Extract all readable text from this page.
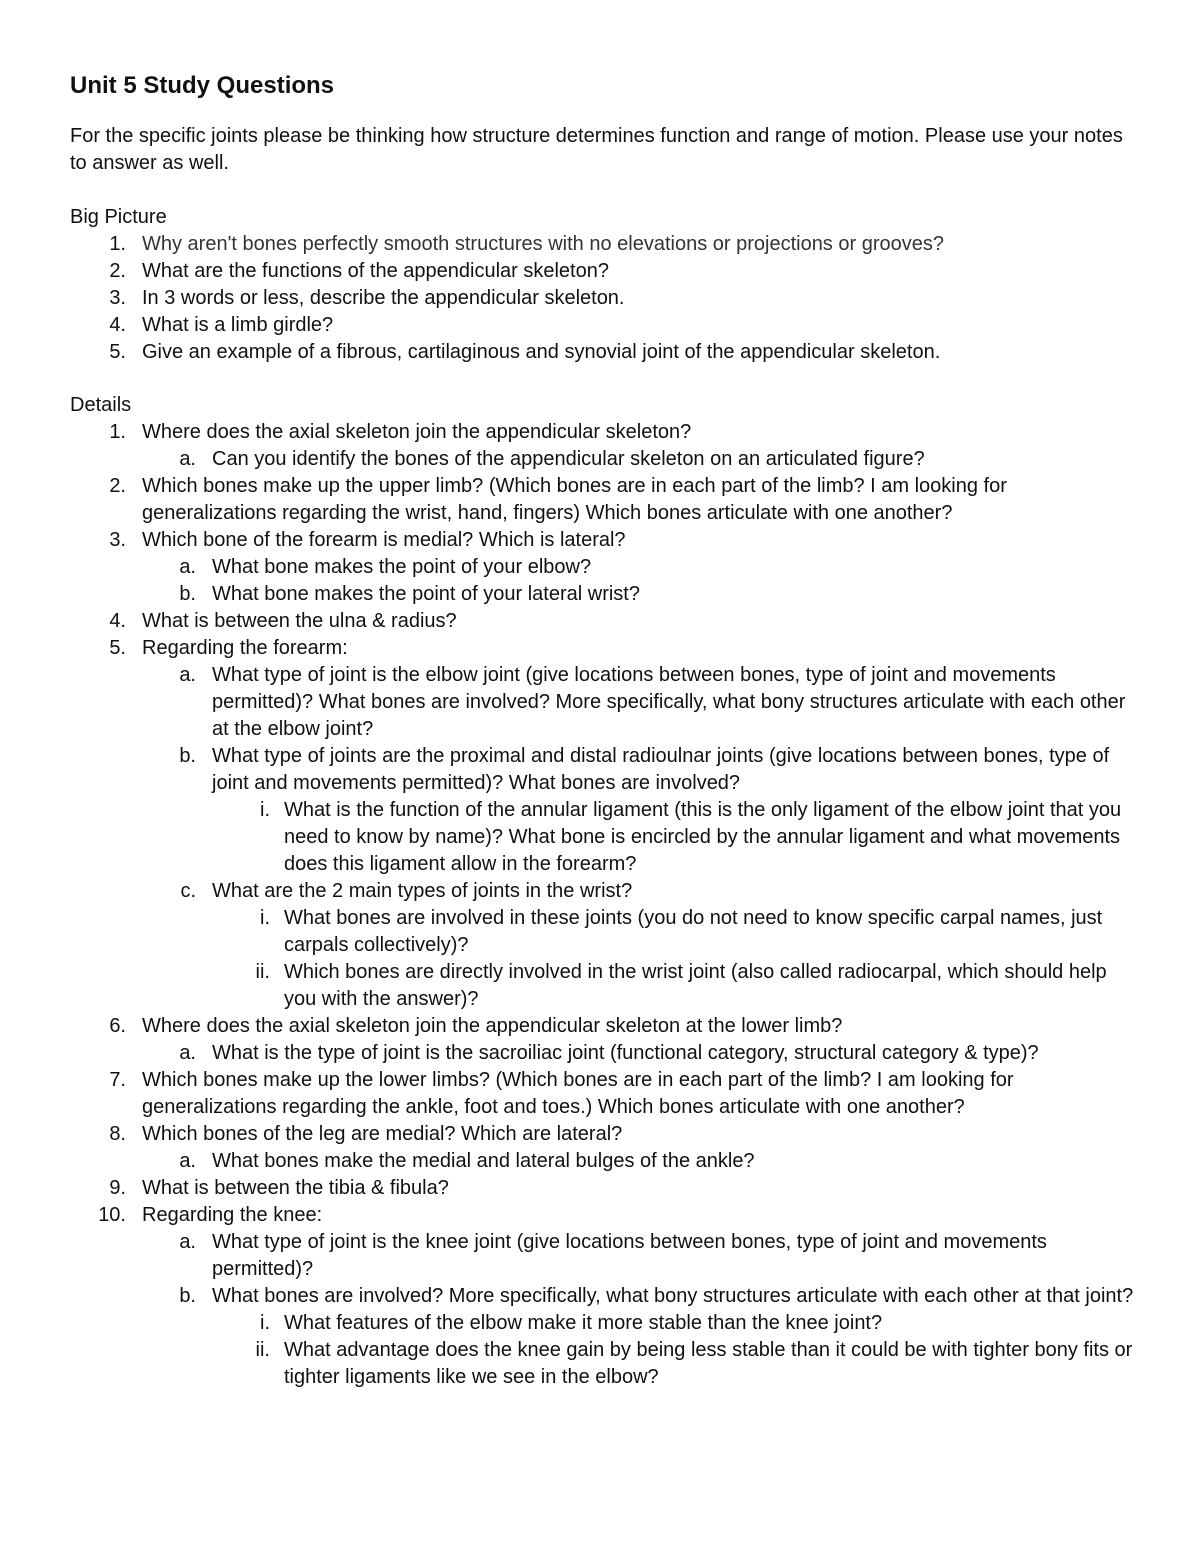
Unit 5 Study Questions

For the specific joints please be thinking how structure determines function and range of motion. Please use your notes to answer as well.

Big Picture
1. Why aren't bones perfectly smooth structures with no elevations or projections or grooves?
2. What are the functions of the appendicular skeleton?
3. In 3 words or less, describe the appendicular skeleton.
4. What is a limb girdle?
5. Give an example of a fibrous, cartilaginous and synovial joint of the appendicular skeleton.
Details
1. Where does the axial skeleton join the appendicular skeleton?
a. Can you identify the bones of the appendicular skeleton on an articulated figure?
2. Which bones make up the upper limb? (Which bones are in each part of the limb? I am looking for generalizations regarding the wrist, hand, fingers) Which bones articulate with one another?
3. Which bone of the forearm is medial? Which is lateral?
a. What bone makes the point of your elbow?
b. What bone makes the point of your lateral wrist?
4. What is between the ulna & radius?
5. Regarding the forearm:
a. What type of joint is the elbow joint (give locations between bones, type of joint and movements permitted)? What bones are involved? More specifically, what bony structures articulate with each other at the elbow joint?
b. What type of joints are the proximal and distal radioulnar joints (give locations between bones, type of joint and movements permitted)? What bones are involved?
i. What is the function of the annular ligament (this is the only ligament of the elbow joint that you need to know by name)? What bone is encircled by the annular ligament and what movements does this ligament allow in the forearm?
c. What are the 2 main types of joints in the wrist?
i. What bones are involved in these joints (you do not need to know specific carpal names, just carpals collectively)?
ii. Which bones are directly involved in the wrist joint (also called radiocarpal, which should help you with the answer)?
6. Where does the axial skeleton join the appendicular skeleton at the lower limb?
a. What is the type of joint is the sacroiliac joint (functional category, structural category & type)?
7. Which bones make up the lower limbs? (Which bones are in each part of the limb? I am looking for generalizations regarding the ankle, foot and toes.) Which bones articulate with one another?
8. Which bones of the leg are medial? Which are lateral?
a. What bones make the medial and lateral bulges of the ankle?
9. What is between the tibia & fibula?
10. Regarding the knee:
a. What type of joint is the knee joint (give locations between bones, type of joint and movements permitted)?
b. What bones are involved? More specifically, what bony structures articulate with each other at that joint?
i. What features of the elbow make it more stable than the knee joint?
ii. What advantage does the knee gain by being less stable than it could be with tighter bony fits or tighter ligaments like we see in the elbow?
